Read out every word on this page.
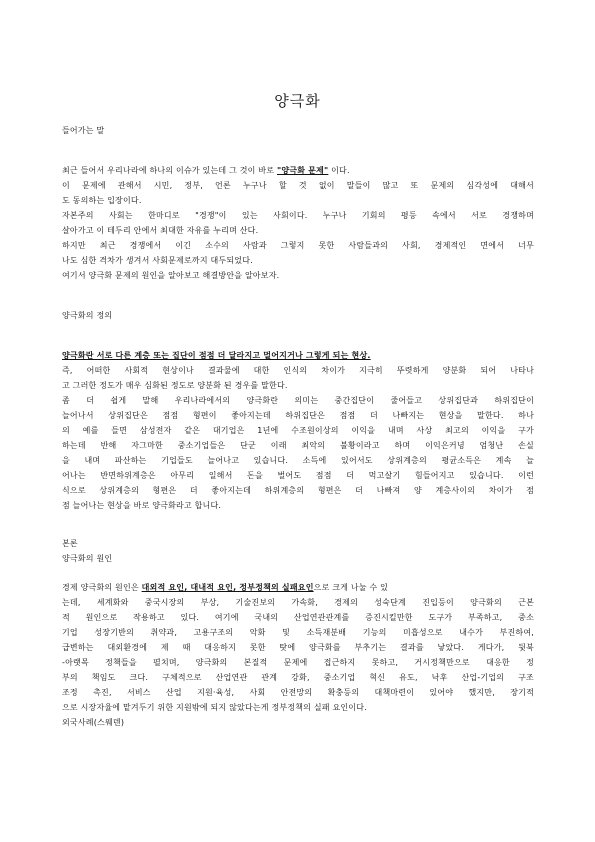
양극화
들어가는 말
최근 들어서 우리나라에 하나의 이슈가 있는데 그 것이 바로 "양극화 문제" 이다.
이 문제에 관해서 시민, 정부, 언론 누구나 할 것 없이 말들이 많고 또 문제의 심각성에 대해서
도 동의하는 입장이다.
자본주의 사회는 한마디로 "경쟁"이 있는 사회이다. 누구나 기회의 평등 속에서 서로 경쟁하며
살아가고 이 테두리 안에서 최대한 자유를 누리며 산다.
하지만 최근 경쟁에서 이긴 소수의 사람과 그렇지 못한 사람들과의 사회, 경제적인 면에서 너무
나도 심한 격차가 생겨서 사회문제로까지 대두되었다.
여기서 양극화 문제의 원인을 알아보고 해결방안을 알아보자.
양극화의 정의
양극화란 서로 다른 계층 또는 집단이 점점 더 달라지고 멀어지거나 그렇게 되는 현상.
즉, 어떠한 사회적 현상이나 결과물에 대한 인식의 차이가 지극히 뚜렷하게 양분화 되어 나타나
고 그러한 정도가 매우 심화된 정도로 양분화 된 경우를 말한다.
좀 더 쉽게 말해 우리나라에서의 양극화란 의미는 중간집단이 줄어들고 상위집단과 하위집단이
늘어나서 상위집단은 점점 형편이 좋아지는데 하위집단은 점점 더 나빠지는 현상을 말한다. 하나
의 예를 들면 삼성전자 같은 대기업은 1년에 수조원이상의 이익을 내며 사상 최고의 이익을 구가
하는데 반해 자그마한 중소기업들은 단군 이래 최악의 불황이라고 하며 이익은커녕 엄청난 손실
을 내며 파산하는 기업들도 늘어나고 있습니다. 소득에 있어서도 상위계층의 평균소득은 계속 늘
어나는 반면하위계층은 아무리 일해서 돈을 벌어도 점점 더 먹고살기 힘들어지고 있습니다. 이런
식으로 상위계층의 형편은 더 좋아지는데 하위계층의 형편은 더 나빠져 양 계층사이의 차이가 점
점 늘어나는 현상을 바로 양극화라고 합니다.
본론
양극화의 원인
경제 양극화의 원인은 대외적 요인, 대내적 요인, 정부정책의 실패요인으로 크게 나눌 수 있
는데, 세계화와 중국시장의 부상, 기술진보의 가속화, 경제의 성숙단계 진입등이 양극화의 근본
적 원인으로 작용하고 있다. 여기에 국내의 산업연관관계를 증진시킬만한 도구가 부족하고, 중소
기업 성장기반의 취약과, 고용구조의 악화 및 소득재분배 기능의 미흡성으로 내수가 부진하여,
급변하는 대외환경에 제 때 대응하지 못한 탓에 양극화를 부추기는 결과를 낳았다. 게다가, 뒷북
-아랫목 정책들을 펼치며, 양극화의 본질적 문제에 접근하지 못하고, 거시정책만으로 대응한 정
부의 책임도 크다. 구체적으로 산업연관 관계 강화, 중소기업 혁신 유도, 낙후 산업-기업의 구조
조정 촉진, 서비스 산업 지원·육성, 사회 안전망의 확충등의 대책마련이 있어야 했지만, 장기적
으로 시장자율에 맡겨두기 위한 지원밖에 되지 않았다는게 정부정책의 실패 요인이다.
외국사례(스웨덴)
